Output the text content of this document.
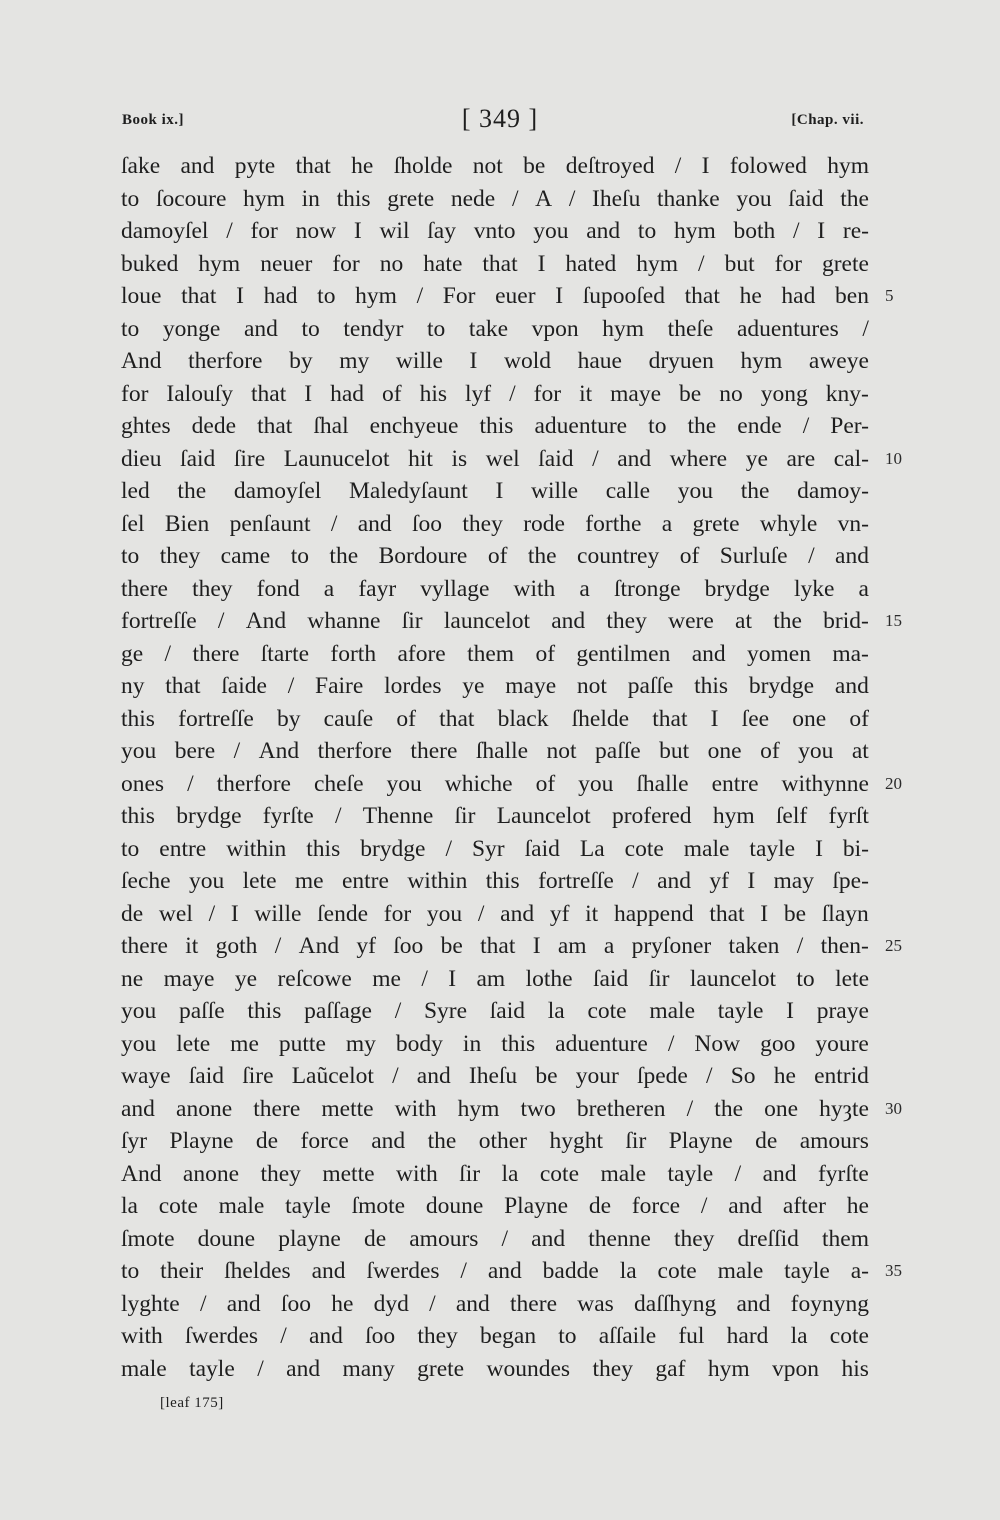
Book ix.]	[ 349 ]	[Chap. vii.
ſake and pyte that he ſholde not be deſtroyed / I folowed hym
to ſocoure hym in this grete nede / A / Iheſu thanke you ſaid the
damoyſel / for now I wil ſay vnto you and to hym both / I re-
buked hym neuer for no hate that I hated hym / but for grete
loue that I had to hym / For euer I ſupooſed that he had ben 5
to yonge and to tendyr to take vpon hym theſe aduentures /
And therfore by my wille I wold haue dryuen hym aweye
for Ialouſy that I had of his lyf / for it maye be no yong kny-
ghtes dede that ſhal enchyeue this aduenture to the ende / Per-
dieu ſaid ſire Launucelot hit is wel ſaid / and where ye are cal- 10
led the damoyſel Maledyſaunt I wille calle you the damoy-
ſel Bien penſaunt / and ſoo they rode forthe a grete whyle vn-
to they came to the Bordoure of the countrey of Surluſe / and
there they fond a fayr vyllage with a ſtronge brydge lyke a
fortreſſe / And whanne ſir launcelot and they were at the brid- 15
ge / there ſtarte forth afore them of gentilmen and yomen ma-
ny that ſaide / Faire lordes ye maye not paſſe this brydge and
this fortreſſe by cauſe of that black ſhelde that I ſee one of
you bere / And therfore there ſhalle not paſſe but one of you at
ones / therfore cheſe you whiche of you ſhalle entre withynne 20
this brydge fyrſte / Thenne ſir Launcelot profered hym ſelf fyrſt
to entre within this brydge / Syr ſaid La cote male tayle I bi-
ſeche you lete me entre within this fortreſſe / and yf I may ſpe-
de wel / I wille ſende for you / and yf it happend that I be ſlayn
there it goth / And yf ſoo be that I am a pryſoner taken / then- 25
ne maye ye reſcowe me / I am lothe ſaid ſir launcelot to lete
you paſſe this paſſage / Syre ſaid la cote male tayle I praye
you lete me putte my body in this aduenture / Now goo youre
waye ſaid ſire Laũcelot / and Iheſu be your ſpede / So he entrid
and anone there mette with hym two bretheren / the one hyȝte 30
ſyr Playne de force and the other hyght ſir Playne de amours
And anone they mette with ſir la cote male tayle / and fyrſte
la cote male tayle ſmote doune Playne de force / and after he
ſmote doune playne de amours / and thenne they dreſſid them
to their ſheldes and ſwerdes / and badde la cote male tayle a- 35
lyghte / and ſoo he dyd / and there was daſſhyng and foynyng
with ſwerdes / and ſoo they began to aſſaile ful hard la cote
male tayle / and many grete woundes they gaf hym vpon his
[leaf 175]
